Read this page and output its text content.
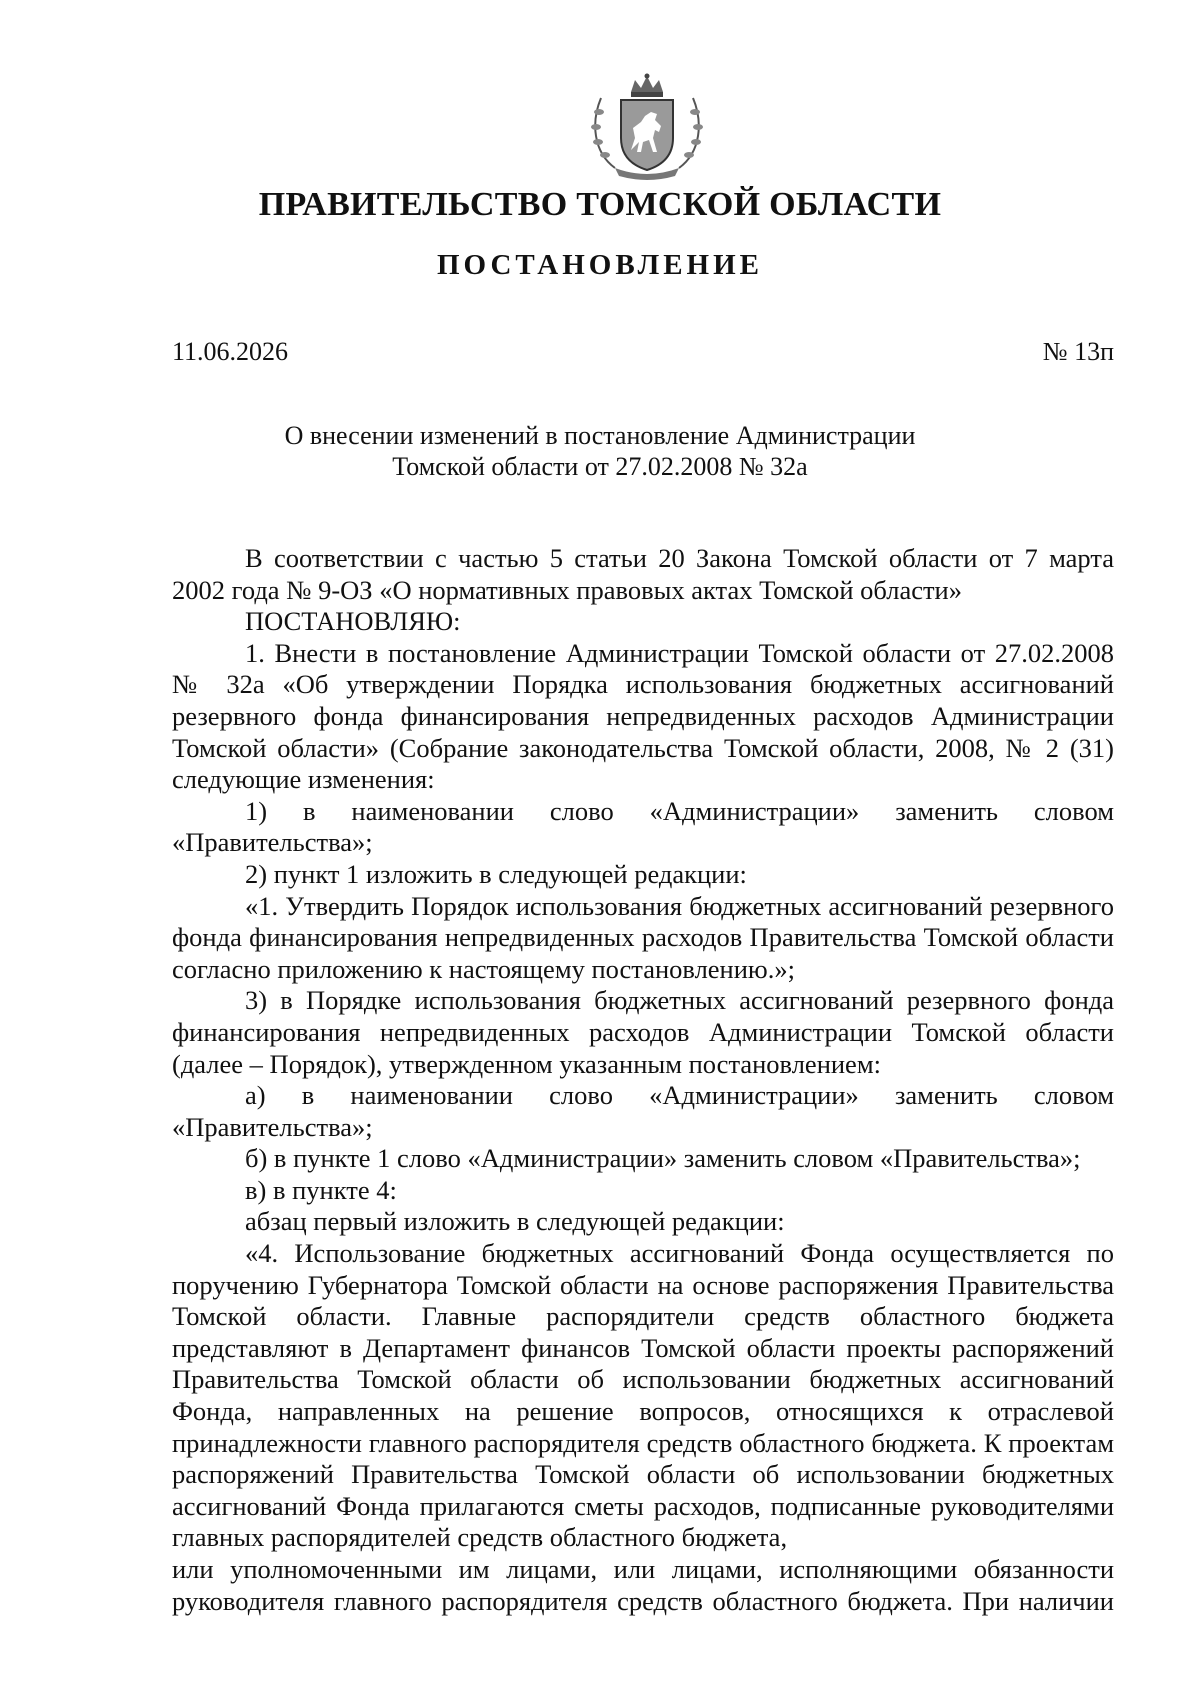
ПРАВИТЕЛЬСТВО ТОМСКОЙ ОБЛАСТИ
ПОСТАНОВЛЕНИЕ
11.06.2026	№ 13п
О внесении изменений в постановление Администрации
Томской области от 27.02.2008 № 32а

В соответствии с частью 5 статьи 20 Закона Томской области от 7 марта 2002 года № 9-ОЗ «О нормативных правовых актах Томской области»

ПОСТАНОВЛЯЮ:

1. Внести в постановление Администрации Томской области от 27.02.2008 № 32а «Об утверждении Порядка использования бюджетных ассигнований резервного фонда финансирования непредвиденных расходов Администрации Томской области» (Собрание законодательства Томской области, 2008, № 2 (31) следующие изменения:

1) в наименовании слово «Администрации» заменить словом «Правительства»;

2) пункт 1 изложить в следующей редакции:

«1. Утвердить Порядок использования бюджетных ассигнований резервного фонда финансирования непредвиденных расходов Правительства Томской области согласно приложению к настоящему постановлению.»;

3) в Порядке использования бюджетных ассигнований резервного фонда финансирования непредвиденных расходов Администрации Томской области (далее – Порядок), утвержденном указанным постановлением:

а) в наименовании слово «Администрации» заменить словом «Правительства»;

б) в пункте 1 слово «Администрации» заменить словом «Правительства»;

в) в пункте 4:

абзац первый изложить в следующей редакции:

«4. Использование бюджетных ассигнований Фонда осуществляется по поручению Губернатора Томской области на основе распоряжения Правительства Томской области. Главные распорядители средств областного бюджета представляют в Департамент финансов Томской области проекты распоряжений Правительства Томской области об использовании бюджетных ассигнований Фонда, направленных на решение вопросов, относящихся к отраслевой принадлежности главного распорядителя средств областного бюджета. К проектам распоряжений Правительства Томской области об использовании бюджетных ассигнований Фонда прилагаются сметы расходов, подписанные руководителями главных распорядителей средств областного бюджета,

или уполномоченными им лицами, или лицами, исполняющими обязанности руководителя главного распорядителя средств областного бюджета. При наличии
